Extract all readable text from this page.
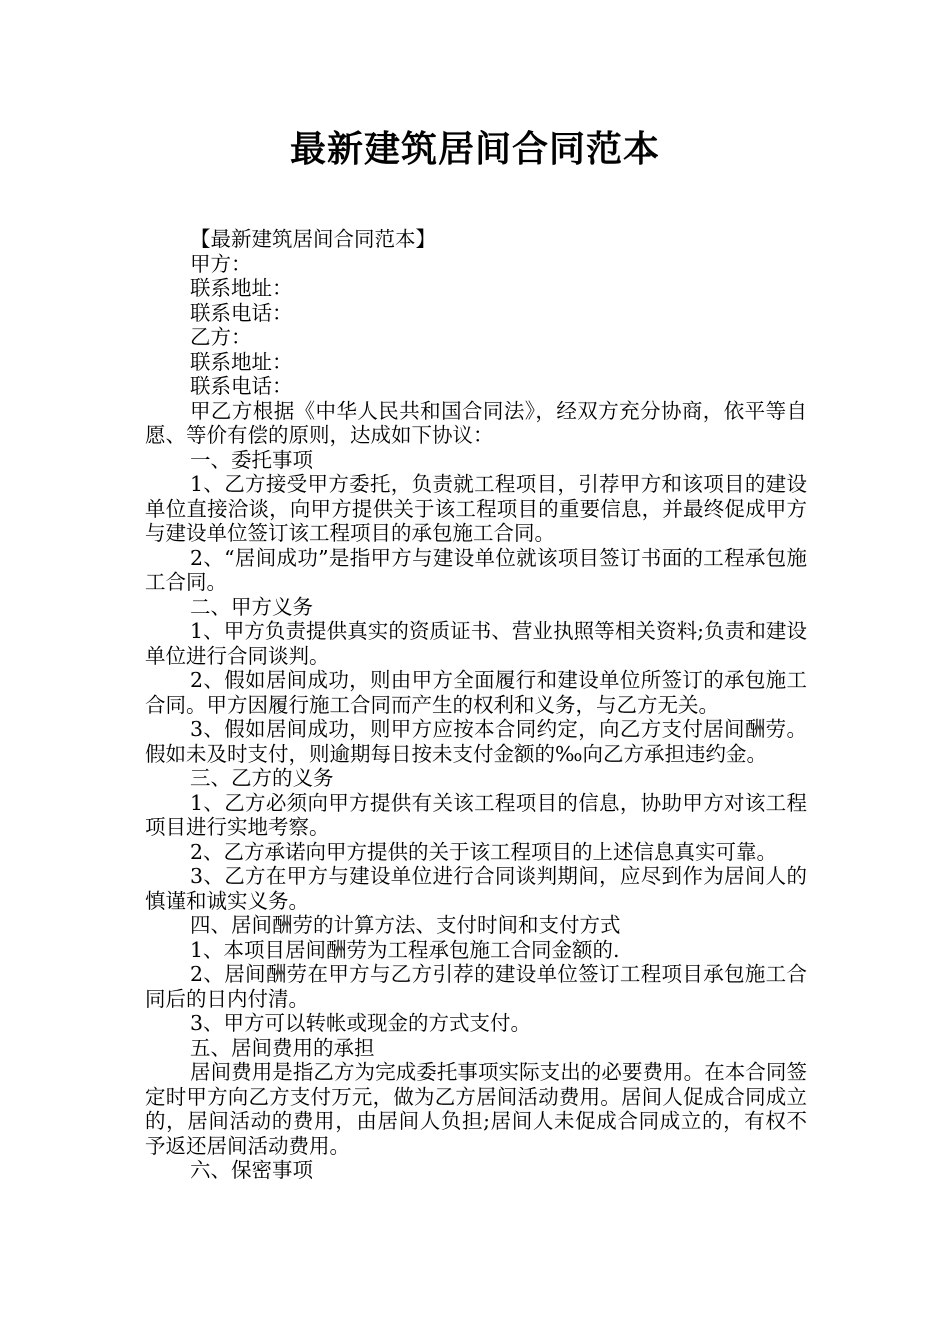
最新建筑居间合同范本

【最新建筑居间合同范本】

甲方：

联系地址：

联系电话：

乙方：

联系地址：

联系电话：

甲乙方根据《中华人民共和国合同法》，经双方充分协商，依平等自愿、等价有偿的原则，达成如下协议：

一、委托事项

1、乙方接受甲方委托，负责就工程项目，引荐甲方和该项目的建设单位直接洽谈，向甲方提供关于该工程项目的重要信息，并最终促成甲方与建设单位签订该工程项目的承包施工合同。

2、“居间成功”是指甲方与建设单位就该项目签订书面的工程承包施工合同。

二、甲方义务

1、甲方负责提供真实的资质证书、营业执照等相关资料;负责和建设单位进行合同谈判。

2、假如居间成功，则由甲方全面履行和建设单位所签订的承包施工合同。甲方因履行施工合同而产生的权利和义务，与乙方无关。

3、假如居间成功，则甲方应按本合同约定，向乙方支付居间酬劳。假如未及时支付，则逾期每日按未支付金额的‰向乙方承担违约金。

三、乙方的义务

1、乙方必须向甲方提供有关该工程项目的信息，协助甲方对该工程项目进行实地考察。

2、乙方承诺向甲方提供的关于该工程项目的上述信息真实可靠。

3、乙方在甲方与建设单位进行合同谈判期间，应尽到作为居间人的慎谨和诚实义务。

四、居间酬劳的计算方法、支付时间和支付方式

1、本项目居间酬劳为工程承包施工合同金额的.

2、居间酬劳在甲方与乙方引荐的建设单位签订工程项目承包施工合同后的日内付清。

3、甲方可以转帐或现金的方式支付。

五、居间费用的承担

居间费用是指乙方为完成委托事项实际支出的必要费用。在本合同签定时甲方向乙方支付万元，做为乙方居间活动费用。居间人促成合同成立的，居间活动的费用，由居间人负担;居间人未促成合同成立的，有权不予返还居间活动费用。

六、保密事项
